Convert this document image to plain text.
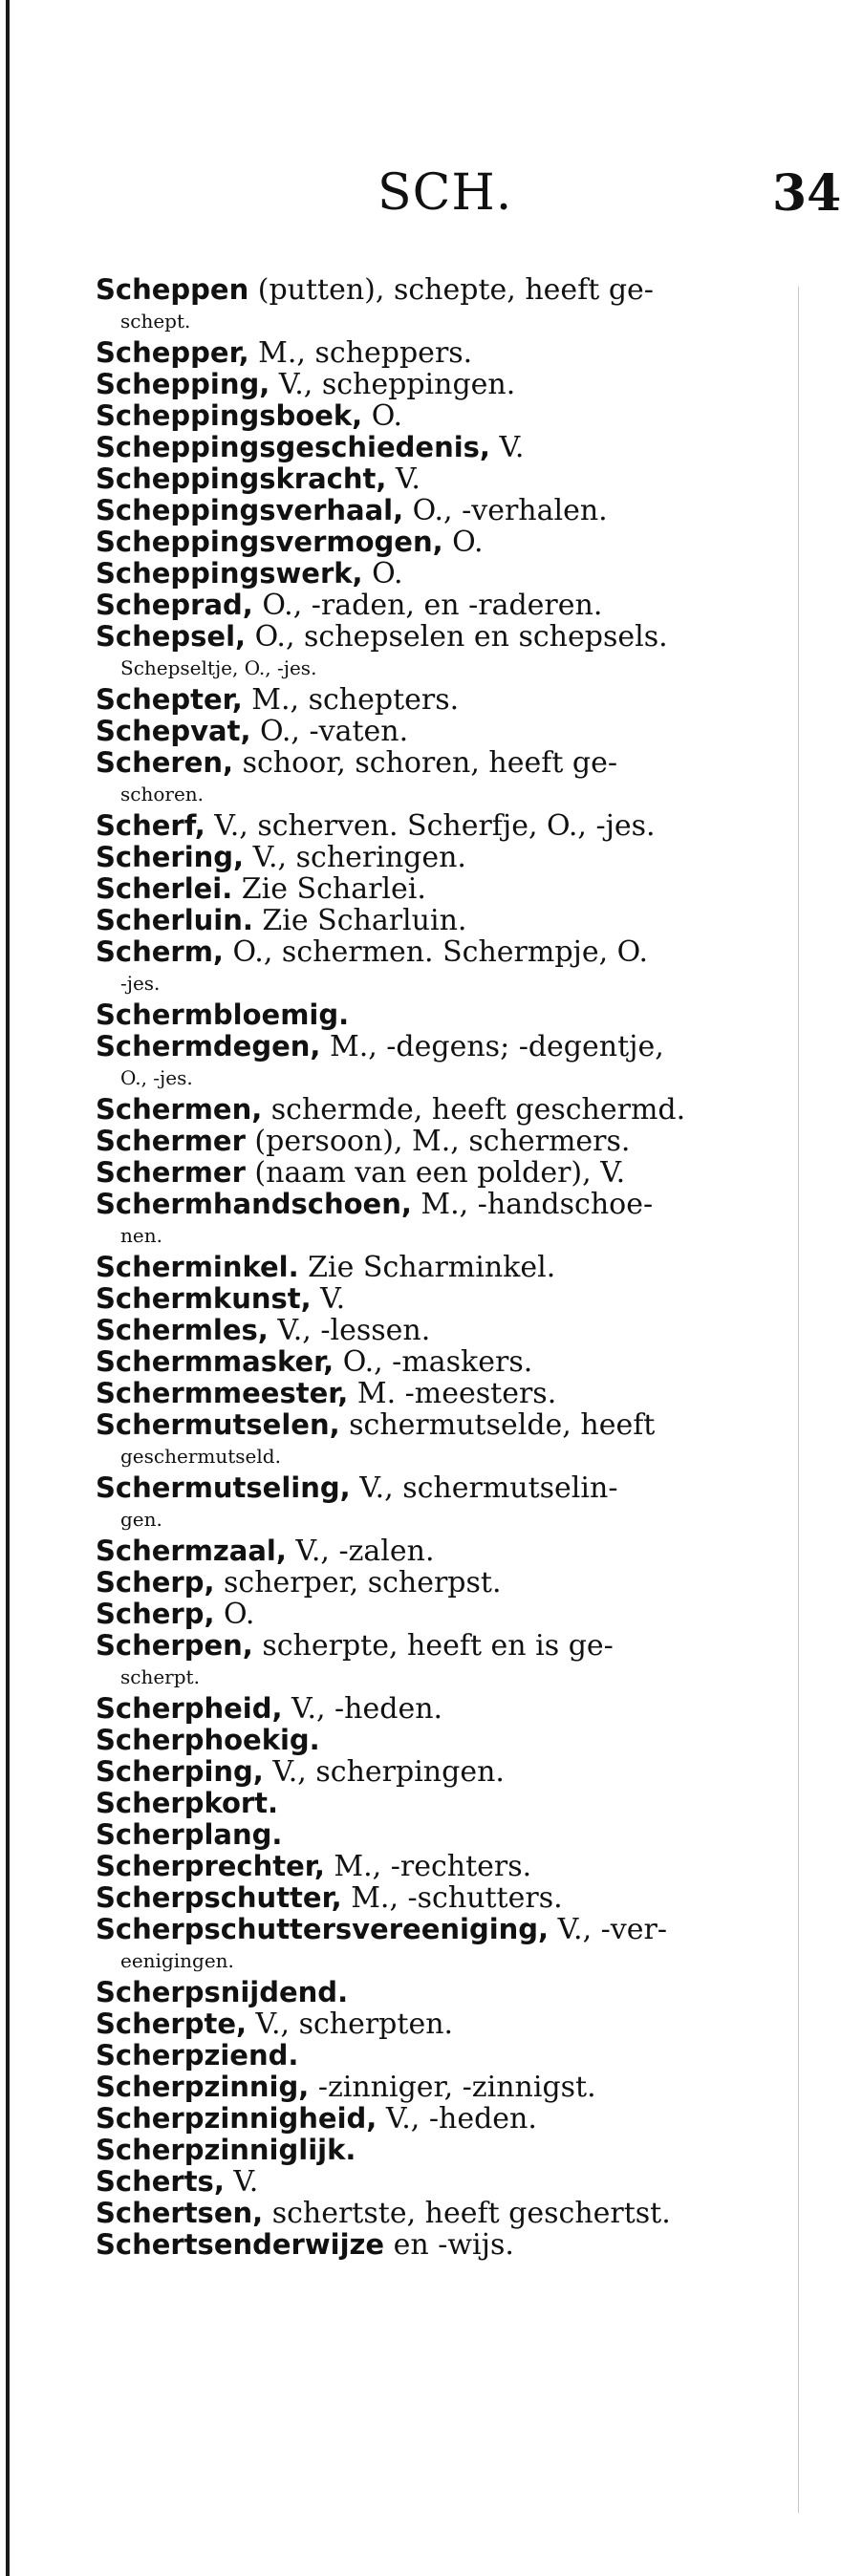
SCH.	34
Scheppen (putten), schepte, heeft ge-
schept.
Schepper, M., scheppers.
Schepping, V., scheppingen.
Scheppingsboek, O.
Scheppingsgeschiedenis, V.
Scheppingskracht, V.
Scheppingsverhaal, O., -verhalen.
Scheppingsvermogen, O.
Scheppingswerk, O.
Scheprad, O., -raden, en -raderen.
Schepsel, O., schepselen en schepsels.
Schepseltje, O., -jes.
Schepter, M., schepters.
Schepvat, O., -vaten.
Scheren, schoor, schoren, heeft ge-
schoren.
Scherf, V., scherven. Scherfje, O., -jes.
Schering, V., scheringen.
Scherlei. Zie Scharlei.
Scherluin. Zie Scharluin.
Scherm, O., schermen. Schermpje, O.
-jes.
Schermbloemig.
Schermdegen, M., -degens; -degentje,
O., -jes.
Schermen, schermde, heeft geschermd.
Schermer (persoon), M., schermers.
Schermer (naam van een polder), V.
Schermhandschoen, M., -handschoe-
nen.
Scherminkel. Zie Scharminkel.
Schermkunst, V.
Schermles, V., -lessen.
Schermmasker, O., -maskers.
Schermmeester, M. -meesters.
Schermutselen, schermutselde, heeft
geschermutseld.
Schermutseling, V., schermutselin-
gen.
Schermzaal, V., -zalen.
Scherp, scherper, scherpst.
Scherp, O.
Scherpen, scherpte, heeft en is ge-
scherpt.
Scherpheid, V., -heden.
Scherphoekig.
Scherping, V., scherpingen.
Scherpkort.
Scherplang.
Scherprechter, M., -rechters.
Scherpschutter, M., -schutters.
Scherpschuttersvereeniging, V., -ver-
eenigingen.
Scherpsnijdend.
Scherpte, V., scherpten.
Scherpziend.
Scherpzinnig, -zinniger, -zinnigst.
Scherpzinnigheid, V., -heden.
Scherpzinniglijk.
Scherts, V.
Schertsen, schertste, heeft geschertst.
Schertsenderwijze en -wijs.
